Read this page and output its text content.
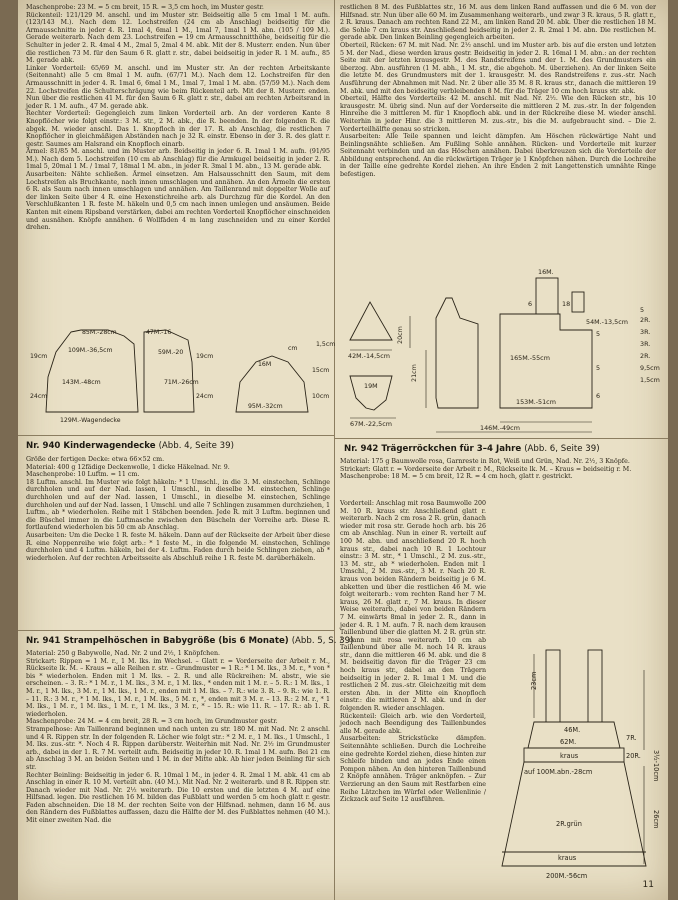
Maschenprobe: 23 M. = 5 cm breit, 15 R. = 3,5 cm hoch, im Muster gestr.

Rückenteil: 121/129 M. anschl. und im Muster str. Beidseitig alle 5 cm 1mal 1 M. aufn. (123/143 M.). Nach dem 12. Lochstreifen (24 cm ab Anschlag) beidseitig für die Armausschnitte in jeder 4. R. 1mal 4, 6mal 1 M., 1mal 7, 1mal 1 M. abn. (105 / 109 M.). Gerade weiterarb. Nach dem 23. Lochstreifen = 19 cm Armausschnitthöhe, beidseitig für die Schulter in jeder 2. R. 4mal 4 M., 2mal 5, 2mal 4 M. abk. Mit der 8. Musterr. enden. Nun über die restlichen 73 M. für den Saum 6 R. glatt r. str., dabei beidseitig in jeder R. 1 M. aufn., 85 M. gerade abk.

Linker Vorderteil: 65/69 M. anschl. und im Muster str. An der rechten Arbeitskante (Seitennaht) alle 5 cm 8mal 1 M. aufn. (67/71 M.). Nach dem 12. Lochstreifen für den Armausschnitt in jeder 4. R. 1mal 6, 6mal 1 M., 1mal 7, 1mal 1 M. abn. (57/59 M.). Nach dem 22. Lochstreifen die Schulterschrägung wie beim Rückenteil arb. Mit der 8. Musterr. enden. Nun über die restlichen 41 M. für den Saum 6 R. glatt r. str., dabei am rechten Arbeitsrand in jeder R. 1 M. aufn., 47 M. gerade abk.

Rechter Vorderteil: Gegengleich zum linken Vorderteil arb. An der vorderen Kante 8 Knopflöcher wie folgt einstr.: 3 M. str., 2 M. abk., die R. beenden. In der folgenden R. die abgek. M. wieder anschl. Das 1. Knopfloch in der 17. R. ab Anschlag, die restlichen 7 Knopflöcher in gleichmäßigen Abständen nach je 32 R. einstr. Ebenso in der 3. R. des glatt r. gestr. Saumes am Halsrand ein Knopfloch einarb.

Ärmel: 81/85 M. anschl. und im Muster arb. Beidseitig in jeder 6. R. 1mal 1 M. aufn. (91/95 M.). Nach dem 5. Lochstreifen (10 cm ab Anschlag) für die Armkugel beidseitig in jeder 2. R. 1mal 5, 20mal 1 M. / 1mal 7, 18mal 1 M. abn., in jeder R. 3mal 1 M. abn., 13 M. gerade abk.

Ausarbeiten: Nähte schließen. Ärmel einsetzen. Am Halsausschnitt den Saum, mit dem Lochstreifen als Bruchkante, nach innen umschlagen und annähen. An den Ärmeln die ersten 6 R. als Saum nach innen umschlagen und annähen. Am Taillenrand mit doppelter Wolle auf der linken Seite über 4 R. eine Hexenstichreihe arb. als Durchzug für die Kordel. An den Verschlußkanten 1 R. feste M. häkeln und 0,5 cm nach innen umlegen und ansäumen. Beide Kanten mit einem Ripsband verstärken, dabei am rechten Vorderteil Knopflöcher einschneiden und ausnähen. Knöpfe annähen. 6 Wollfäden 4 m lang zuschneiden und zu einer Kordel drehen.

85M.-28cm
109M.-36,5cm
143M.-48cm
129M.-Wagendecke
24cm
19cm
47M.-16
59M.-20
71M.-26cm
95M.-32cm
10cm
16M
19cm
15cm
1,5cm
24cm
cm
Nr. 940 Kinderwagendecke (Abb. 4, Seite 39)

Größe der fertigen Decke: etwa 66×52 cm.

Material: 400 g 12fädige Deckenwolle, 1 dicke Häkelnad. Nr. 9.

Maschenprobe: 10 Luftm. = 11 cm.

18 Luftm. anschl. Im Muster wie folgt häkeln: * 1 Umschl., in die 3. M. einstechen, Schlinge durchholen und auf der Nad. lassen, 1 Umschl., in dieselbe M. einstechen, Schlinge durchholen und auf der Nad. lassen, 1 Umschl., in dieselbe M. einstechen, Schlinge durchholen und auf der Nad. lassen, 1 Umschl. und alle 7 Schlingen zusammen durchziehen, 1 Luftm., ab * wiederholen. Reihe mit 1 Stäbchen beenden. Jede R. mit 3 Luftm. beginnen und die Büschel immer in die Luftmasche zwischen den Büscheln der Vorreihe arb. Diese R. fortlaufend wiederholen bis 50 cm ab Anschlag.

Ausarbeiten: Um die Decke 1 R. feste M. häkeln. Dann auf der Rückseite der Arbeit über diese R. eine Noppenreihe wie folgt arb.: * 1 feste M., in die folgende M. einstechen, Schlinge durchholen und 4 Luftm. häkeln, bei der 4. Luftm. Faden durch beide Schlingen ziehen, ab * wiederholen. Auf der rechten Arbeitsseite als Abschluß reihe 1 R. feste M. darüberhäkeln.

Nr. 941 Strampelhöschen in Babygröße (bis 6 Monate) (Abb. 5, S. 39)

Material: 250 g Babywolle, Nad. Nr. 2 und 2½, 1 Knöpfchen.

Strickart: Rippen = 1 M. r., 1 M. lks. im Wechsel. – Glatt r. = Vorderseite der Arbeit r. M., Rückseite lk. M. – Kraus = alle Reihen r. str. – Grundmuster = 1 R.: * 1 M. lks., 3 M. r., * von * bis * wiederholen. Enden mit 1 M. lks. – 2. R. und alle Rückreihen: M. abstr., wie sie erscheinen. – 3. R.: * 1 M. r., 1 M. lks., 3 M. r., 1 M. lks., * enden mit 1 M. r. – 5. R.: 1 M. lks., 1 M. r., 1 M. lks., 3 M. r., 1 M. lks., 1 M. r., enden mit 1 M. lks. – 7. R.: wie 3. R. – 9. R.: wie 1. R. – 11. R.: 3 M. r., * 1 M. lks., 1 M. r., 1 M. lks., 5 M. r., *, enden mit 3 M. r. – 13. R.: 2 M. r., * 1 M. lks., 1 M. r., 1 M. lks., 1 M. r., 1 M. lks., 3 M. r., * – 15. R.: wie 11. R. – 17. R.: ab 1. R. wiederholen.

Maschenprobe: 24 M. = 4 cm breit, 28 R. = 3 cm hoch, im Grundmuster gestr.

Strampelhose: Am Taillenrand beginnen und nach unten zu str. 180 M. mit Nad. Nr. 2 anschl. und 4 R. Rippen str. In der folgenden R. Löcher wie folgt str.: * 2 M. r., 1 M. lks., 1 Umschl., 1 M. lks. zus.-str. *. Noch 4 R. Rippen darüberstr. Weiterhin mit Nad. Nr. 2½ im Grundmuster arb., dabei in der 1. R. 7 M. verteilt aufn. Beidseitig in jeder 10. R. 1mal 1 M. aufn. Bei 21 cm ab Anschlag 3 M. an beiden Seiten und 1 M. in der Mitte abk. Ab hier jeden Beinling für sich str.

Rechter Beinling: Beidseitig in jeder 6. R. 10mal 1 M., in jeder 4. R. 2mal 1 M. abk. 41 cm ab Anschlag in einer R. 10 M. verteilt abn. (40 M.). Mit Nad. Nr. 2 weiterarb. und 8 R. Rippen str. Danach wieder mit Nad. Nr. 2½ weiterarb. Die 10 ersten und die letzten 4 M. auf eine Hilfsnad. legen. Die restlichen 16 M. bilden das Fußblatt und werden 5 cm hoch glatt r. gestr. Faden abschneiden. Die 18 M. der rechten Seite von der Hilfsnad. nehmen, dann 16 M. aus den Rändern des Fußblattes auffassen, dazu die Hälfte der M. des Fußblattes nehmen (40 M.). Mit einer zweiten Nad. die

restlichen 8 M. des Fußblattes str., 16 M. aus dem linken Rand auffassen und die 6 M. von der Hilfsnad. str. Nun über alle 60 M. im Zusammenhang weiterarb., und zwar 3 R. kraus, 5 R. glatt r., 2 R. kraus. Danach am rechten Rand 22 M., am linken Rand 20 M. abk. Über die restlichen 18 M. die Sohle 7 cm kraus str. Anschließend beidseitig in jeder 2. R. 2mal 1 M. abn. Die restlichen M. gerade abk. Den linken Beinling gegengleich arbeiten.

Oberteil, Rücken: 67 M. mit Nad. Nr. 2½ anschl. und im Muster arb. bis auf die ersten und letzten 5 M. der Nad., diese werden kraus gestr. Beidseitig in jeder 2. R. 16mal 1 M. abn.: an der rechten Seite mit der letzten krausgestr. M. des Randstreifens und der 1. M. des Grundmusters ein überzog. Abn. ausführen (1 M. abh., 1 M. str., die abgehob. M. überziehen). An der linken Seite die letzte M. des Grundmusters mit der 1. krausgestr. M. des Randstreifens r. zus.-str. Nach Ausführung der Abnahmen mit Nad. Nr. 2 über alle 35 M. 8 R. kraus str., danach die mittleren 19 M. abk. und mit den beidseitig verbleibenden 8 M. für die Träger 10 cm hoch kraus str. abk.

Oberteil, Hälfte des Vorderteils: 42 M. anschl. mit Nad. Nr. 2½. Wie den Rücken str., bis 10 krausgestr. M. übrig sind. Nun auf der Vorderseite die mittleren 2 M. zus.-str. In der folgenden Hinreihe die 3 mittleren M. für 1 Knopfloch abk. und in der Rückreihe diese M. wieder anschl. Weiterhin in jeder Hinr. die 3 mittleren M. zus.-str., bis die M. aufgebraucht sind. – Die 2. Vorderteilhälfte genau so stricken.

Ausarbeiten: Alle Teile spannen und leicht dämpfen. Am Höschen rückwärtige Naht und Beinlingsnähte schließen. Am Fußling Sohle annähen. Rücken- und Vorderteile mit kurzer Seitennaht verbinden und an das Höschen annähen. Dabei überkreuzen sich die Vorderteile der Abbildung entsprechend. An die rückwärtigen Träger je 1 Knöpfchen nähen. Durch die Lochreihe in der Taille eine gedrehte Kordel ziehen. An ihre Enden 2 mit Langettenstich umnähte Ringe befestigen.

42M.-14,5cm
19M
67M.-22,5cm
21cm
20cm
16M.
6	18
54M.-13,5cm
5
2R.
165M.-55cm
153M.-51cm
146M.-49cm
3R.
3R.
2R.
9,5cm
1,5cm
5
5
6
Nr. 942 Trägerröckchen für 3–4 Jahre (Abb. 6, Seite 39)

Material: 175 g Baumwolle rosa, Garnreste in Rot, Weiß und Grün, Nad. Nr. 2½, 3 Knöpfe.

Strickart: Glatt r. = Vorderseite der Arbeit r. M., Rückseite lk. M. – Kraus = beidseitig r. M.

Maschenprobe: 18 M. = 5 cm breit, 12 R. = 4 cm hoch, glatt r. gestrickt.

Vorderteil: Anschlag mit rosa Baumwolle 200 M. 10 R. kraus str. Anschließend glatt r. weiterarb. Nach 2 cm rosa 2 R. grün, danach wieder mit rosa str. Gerade hoch arb. bis 26 cm ab Anschlag. Nun in einer R. verteilt auf 100 M. abn. und anschließend 20 R. hoch kraus str., dabei nach 10 R. 1 Lochtour einstr.: 3 M. str., * 1 Umschl., 2 M. zus.-str., 13 M. str., ab * wiederholen. Enden mit 1 Umschl., 2 M. zus.-str., 3 M. r. Nach 20 R. kraus von beiden Rändern beidseitig je 6 M. abketten und über die restlichen 46 M. wie folgt weiterarb.: vom rechten Rand her 7 M. kraus, 26 M. glatt r., 7 M. kraus. In dieser Weise weiterarb., dabei von beiden Rändern 7 M. einwärts 8mal in jeder 2. R., dann in jeder 4. R. 1 M. aufn. 7 R. nach dem krausen Taillenbund über die glatten M. 2 R. grün str. / dann mit rosa weiterarb. 10 cm ab Taillenbund über alle M. noch 14 R. kraus str., dann die mittleren 46 M. abk. und die 8 M. beidseitig davon für die Träger 23 cm hoch kraus str., dabei an den Trägern beidseitig in jeder 2. R. 1mal 1 M. und die restlichen 2 M. zus.-str. Gleichzeitig mit dem ersten Abn. in der Mitte ein Knopfloch einstr.: die mittleren 2 M. abk. und in der folgenden R. wieder anschlagen.

Rückenteil: Gleich arb. wie den Vorderteil, jedoch nach Beendigung des Taillenbundes alle M. gerade abk.

Ausarbeiten: Strickstücke dämpfen. Seitennähte schließen. Durch die Lochreihe eine gedrehte Kordel ziehen, diese hinten zur Schleife binden und an jedes Ende einen Pompon nähen. An den hinteren Taillenbund 2 Knöpfe annähen. Träger anknöpfen. – Zur Verzierung an den Saum mit Restfarben eine Reihe Lätzchen im Würfel oder Wellenlinie / Zickzack auf Seite 12 ausführen.

23cm
46M.
62M.
kraus
auf 100M.abn.-28cm
2R.grün
kraus
200M.-56cm
3½-10cm
26cm
7R.
20R.
11
